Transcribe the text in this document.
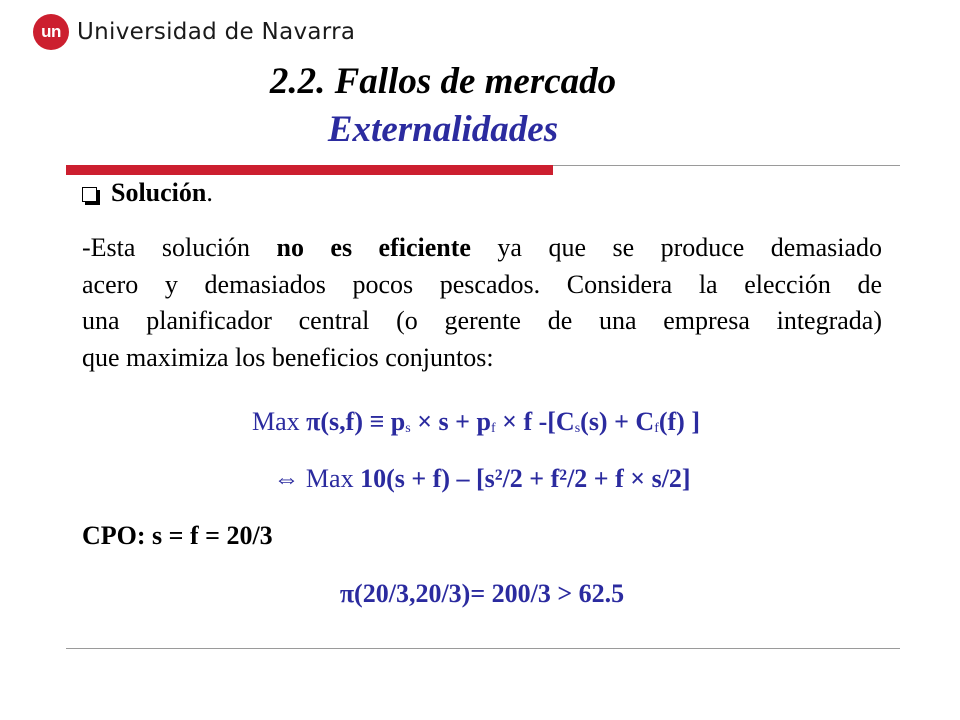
un Universidad de Navarra
2.2. Fallos de mercado
Externalidades
Solución .
-Esta solución no es eficiente ya que se produce demasiado
acero y demasiados pocos pescados. Considera la elección de
una planificador central (o gerente de una empresa integrada)
que maximiza los beneficios conjuntos:
Max π(s,f) ≡ ps × s + pf × f -[Cs(s) + Cf(f) ]
⇔ Max 10(s + f) – [s²/2 + f²/2 + f × s/2]
CPO: s = f = 20/3
π(20/3,20/3)= 200/3 > 62.5
